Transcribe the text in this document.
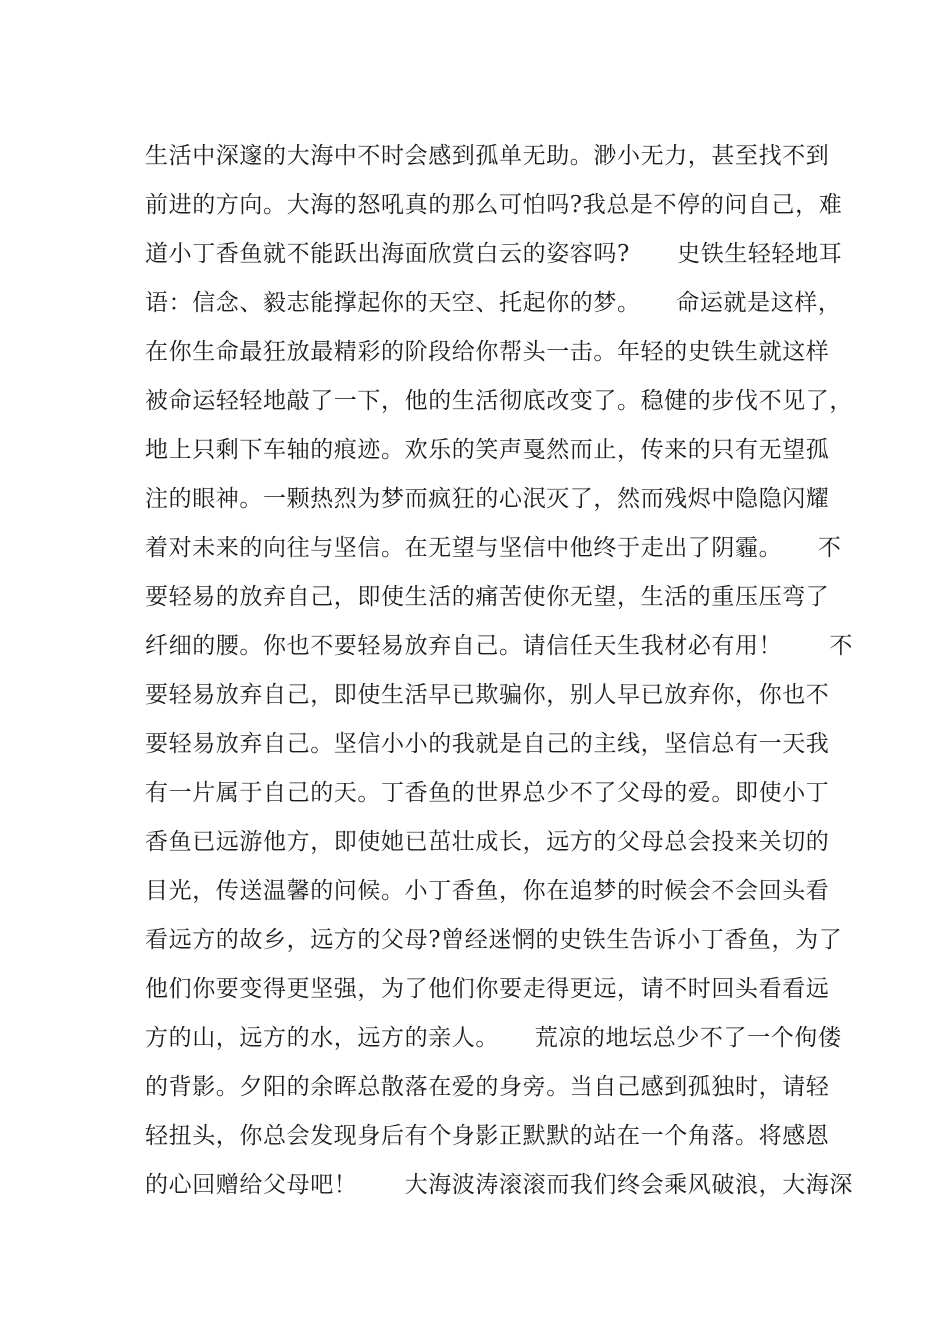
生活中深邃的大海中不时会感到孤单无助。渺小无力，甚至找不到
前进的方向。大海的怒吼真的那么可怕吗?我总是不停的问自己，难
道小丁香鱼就不能跃出海面欣赏白云的姿容吗?　　史铁生轻轻地耳
语：信念、毅志能撑起你的天空、托起你的梦。　　命运就是这样，
在你生命最狂放最精彩的阶段给你帮头一击。年轻的史铁生就这样
被命运轻轻地敲了一下，他的生活彻底改变了。稳健的步伐不见了，
地上只剩下车轴的痕迹。欢乐的笑声戛然而止，传来的只有无望孤
注的眼神。一颗热烈为梦而疯狂的心泯灭了，然而残烬中隐隐闪耀
着对未来的向往与坚信。在无望与坚信中他终于走出了阴霾。　　不
要轻易的放弃自己，即使生活的痛苦使你无望，生活的重压压弯了
纤细的腰。你也不要轻易放弃自己。请信任天生我材必有用！　　不
要轻易放弃自己，即使生活早已欺骗你，别人早已放弃你，你也不
要轻易放弃自己。坚信小小的我就是自己的主线，坚信总有一天我
有一片属于自己的天。丁香鱼的世界总少不了父母的爱。即使小丁
香鱼已远游他方，即使她已茁壮成长，远方的父母总会投来关切的
目光，传送温馨的问候。小丁香鱼，你在追梦的时候会不会回头看
看远方的故乡，远方的父母?曾经迷惘的史铁生告诉小丁香鱼，为了
他们你要变得更坚强，为了他们你要走得更远，请不时回头看看远
方的山，远方的水，远方的亲人。　　荒凉的地坛总少不了一个佝偻
的背影。夕阳的余晖总散落在爱的身旁。当自己感到孤独时，请轻
轻扭头，你总会发现身后有个身影正默默的站在一个角落。将感恩
的心回赠给父母吧！　　大海波涛滚滚而我们终会乘风破浪，大海深
